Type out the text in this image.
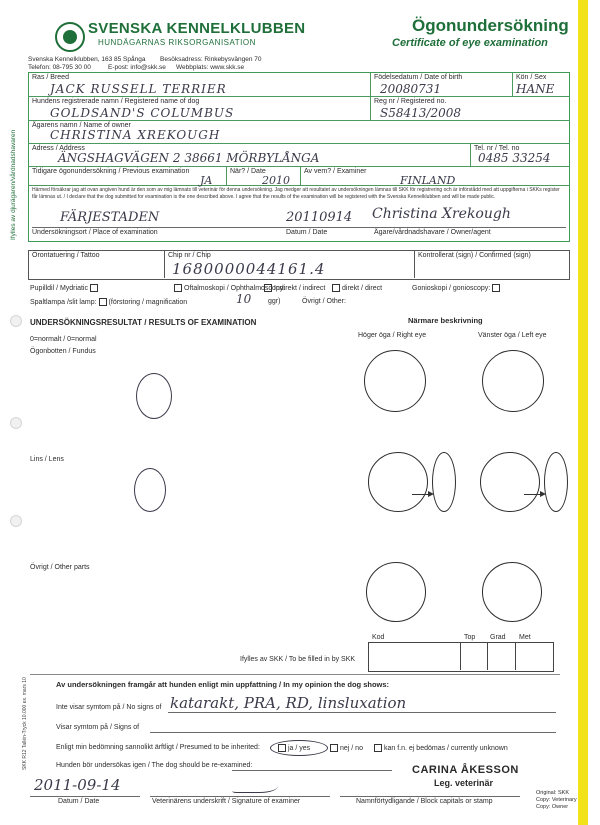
SVENSKA KENNELKLUBBEN
HUNDÄGARNAS RIKSORGANISATION
Svenska Kennelklubben, 163 85 Spånga Besöksadress: Rinkebysvängen 70
Telefon: 08-795 30 00	E-post: info@skk.se Webbplats: www.skk.se
Ögonundersökning
Certificate of eye examination
Ifylles av djurägaren/vårdnadshavaren
Ras / Breed
JACK RUSSELL TERRIER
Födelsedatum / Date of birth
20080731
Kön / Sex
HANE
Hundens registrerade namn / Registered name of dog
GOLDSAND'S COLUMBUS
Reg nr / Registered no.
S58413/2008
Ägarens namn / Name of owner
CHRISTINA XREKOUGH
Adress / Address
ÄNGSHAGVÄGEN 2 38661 MÖRBYLÅNGA
Tel. nr / Tel. no
0485 33254
Tidigare ögonundersökning / Previous examination
JA
När? / Date
2010
Av vem? / Examiner
FINLAND
Härmed försäkrar jag att ovan angiven hund är den som av mig lämnats till veterinär för denna undersökning. Jag medger att resultatet av undersökningen lämnas till SKK för registrering och är införstådd med att uppgifterna i SKKs register får lämnas ut. / I declare that the dog submitted for examination is the one described above. I agree that the results of the examination will be registered with the Svenska Kennelklubben and will be made public.
FÄRJESTADEN	20110914 Christina Xrekough
Undersökningsort / Place of examination	Datum / Date	Ägare/vårdnadshavare / Owner/agent
Örontatuering / Tattoo	Chip nr / Chip
1680000044161.4
Kontrollerat (sign) / Confirmed (sign)
Pupilldil / Mydriatic	Oftalmoskopi / Ophthalmoscopy:
Indirekt / indirect	direkt / direct	Gonioskopi / gonioscopy:
Spaltlampa /slit lamp: (förstoring / magnification	10 ggr)	Övrigt / Other:
UNDERSÖKNINGSRESULTAT / RESULTS OF EXAMINATION	Närmare beskrivning
0=normalt / 0=normal
Höger öga / Right eye	Vänster öga / Left eye
Ögonbotten / Fundus
Lins / Lens
Övrigt / Other parts
Kod	Top Grad Met
Ifylles av SKK / To be filled in by SKK
Av undersökningen framgår att hunden enligt min uppfattning / In my opinion the dog shows:
Inte visar symtom på / No signs of katarakt, PRA, RD, linsluxation
Visar symtom på / Signs of
Enligt min bedömning sannolikt ärftligt / Presumed to be inherited:	ja / yes	nej / no	kan f.n. ej bedömas / currently unknown
Hunden bör undersökas igen / The dog should be re-examined:
2011-09-14
Datum / Date	Veterinärens underskrift / Signature of examiner
CARINA ÅKESSON
Leg. veterinär
Namnförtydligande / Block capitals or stamp
Original: SKK
Copy: Veterinary
Copy: Owner
SKK R12 Tallén-Tryck 10.000 ex. mars 10
